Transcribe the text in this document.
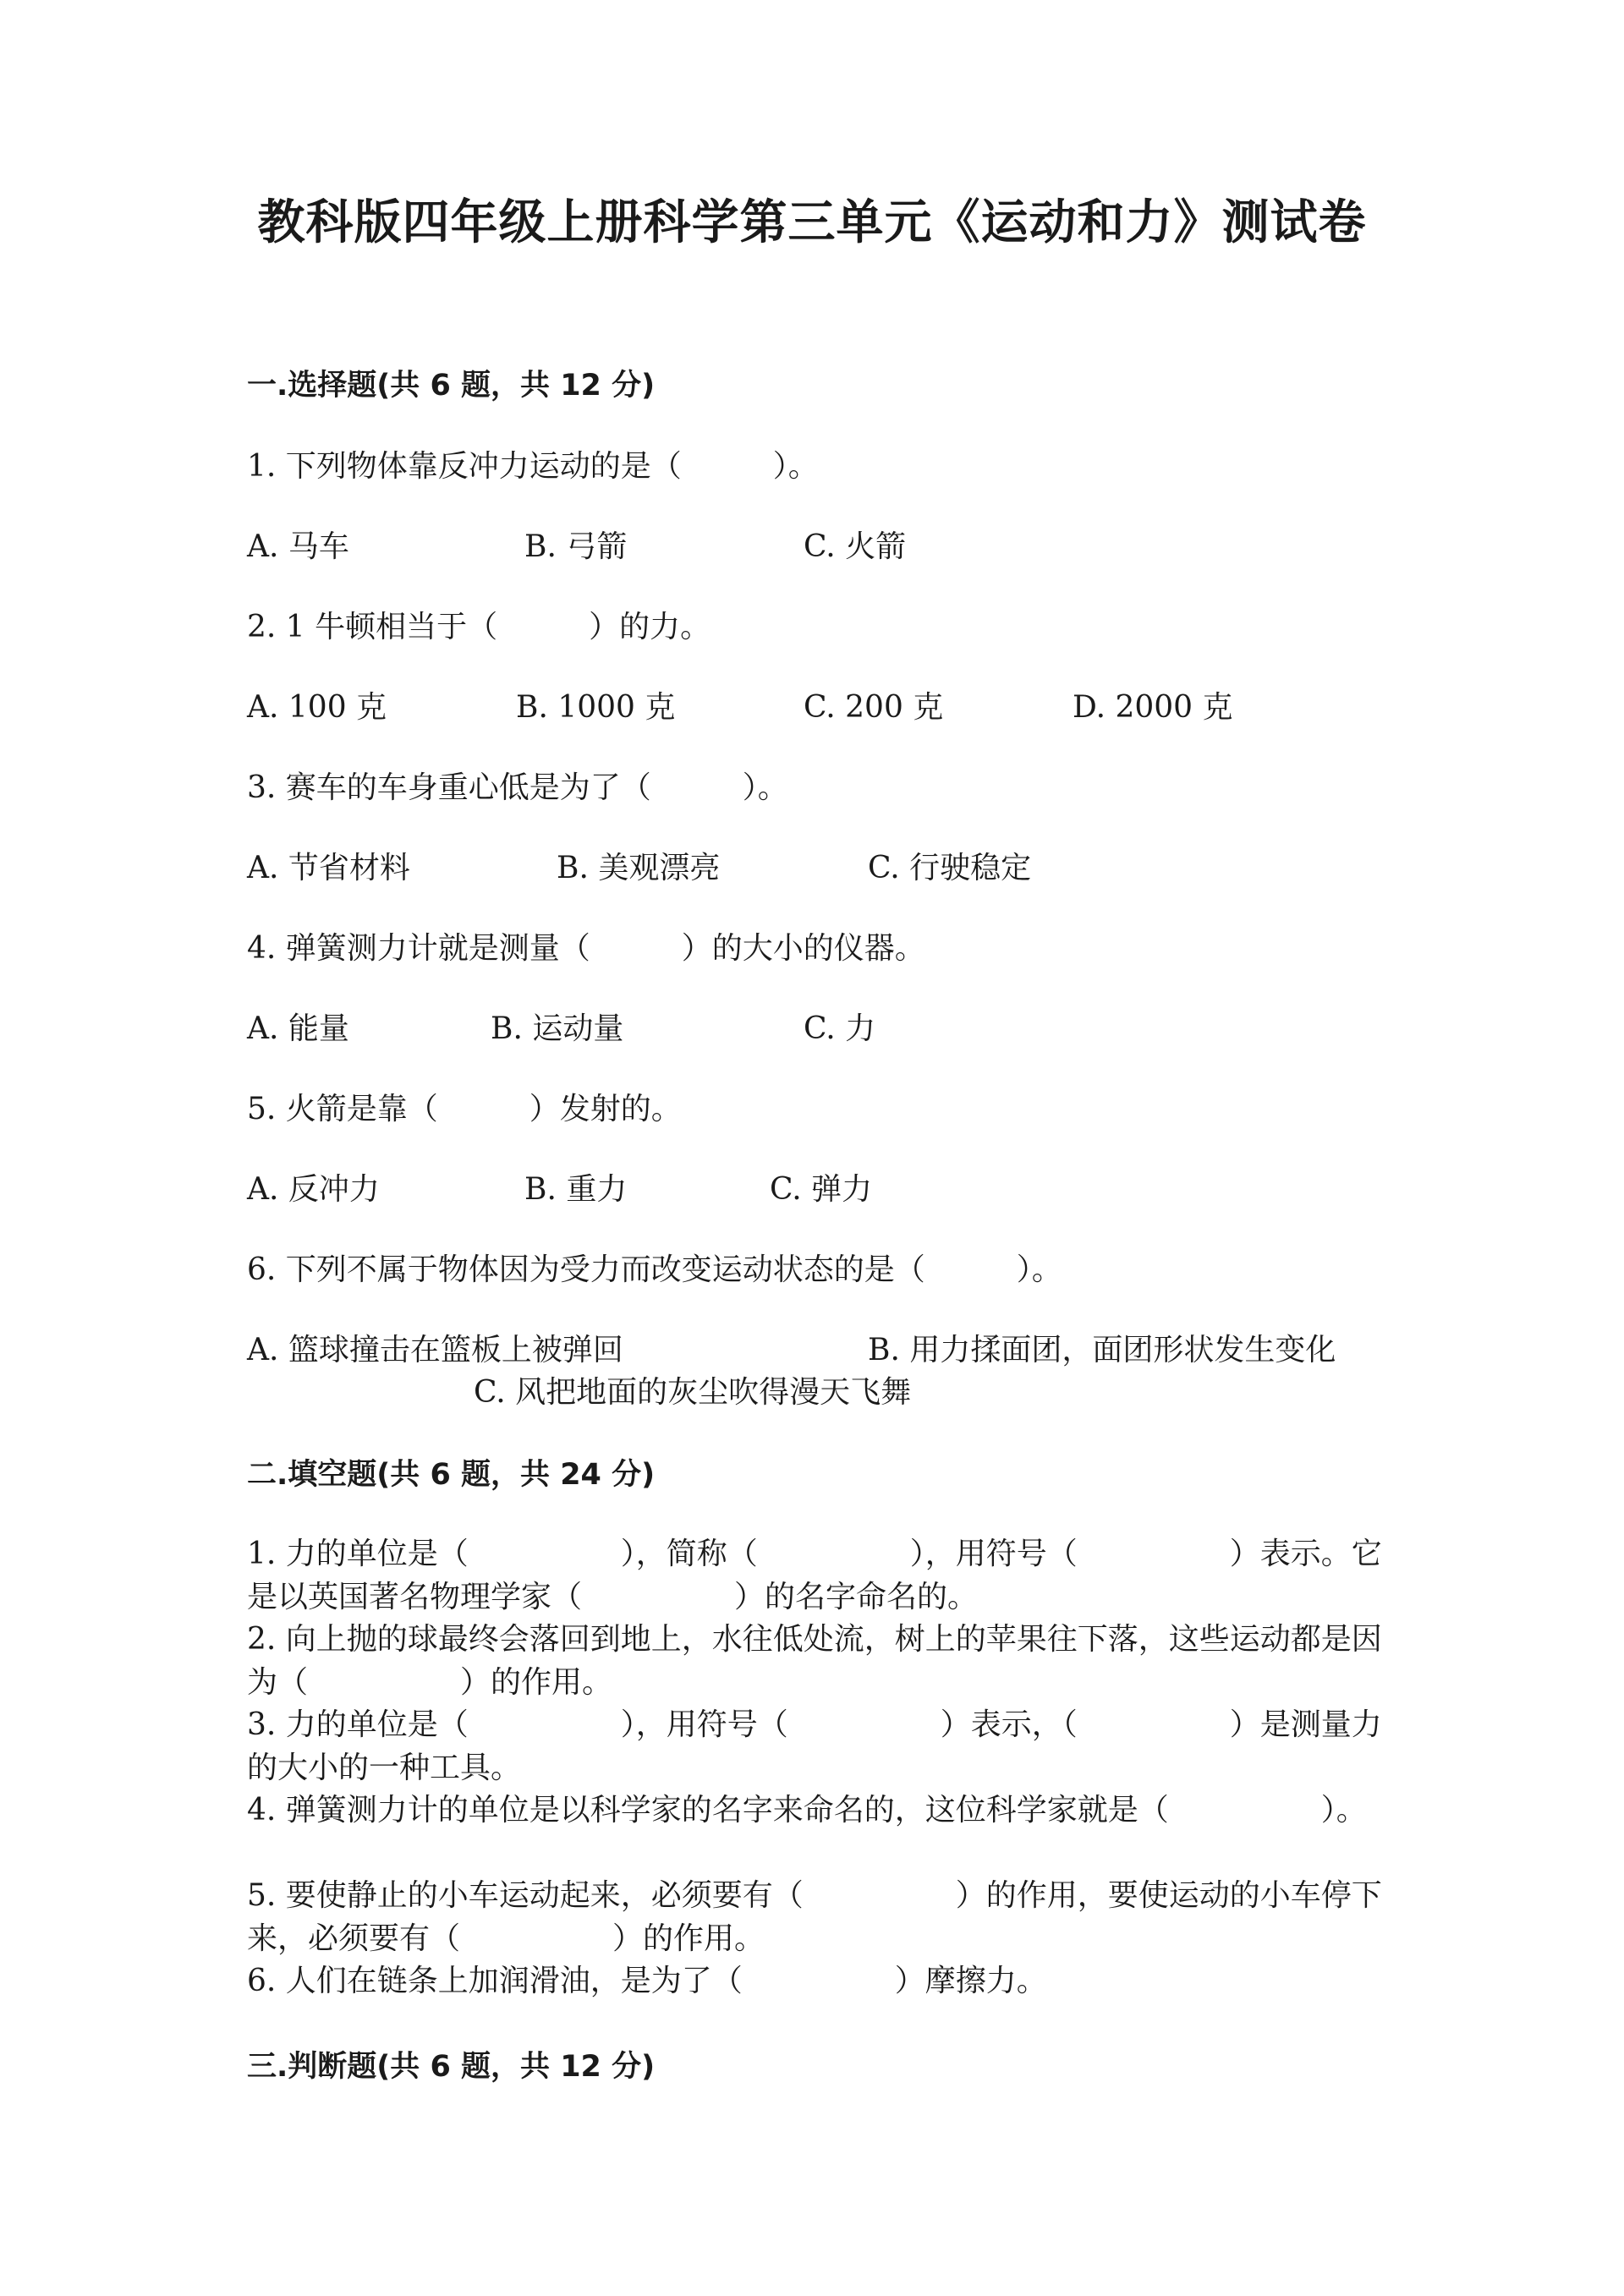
教科版四年级上册科学第三单元《运动和力》测试卷
一.选择题(共 6 题，共 12 分)
1. 下列物体靠反冲力运动的是（　　　）。
A. 马车	B. 弓箭	C. 火箭
2. 1 牛顿相当于（　　　）的力。
A. 100 克	B. 1000 克	C. 200 克	D. 2000 克
3. 赛车的车身重心低是为了（　　　）。
A. 节省材料	B. 美观漂亮	C. 行驶稳定
4. 弹簧测力计就是测量（　　　）的大小的仪器。
A. 能量	B. 运动量	C. 力
5. 火箭是靠（　　　）发射的。
A. 反冲力	B. 重力	C. 弹力
6. 下列不属于物体因为受力而改变运动状态的是（　　　）。
A. 篮球撞击在篮板上被弹回	B. 用力揉面团，面团形状发生变化
C. 风把地面的灰尘吹得漫天飞舞
二.填空题(共 6 题，共 24 分)
1. 力的单位是（　　　　　），简称（　　　　　），用符号（　　　　　）表示。它是以英国著名物理学家（　　　　　）的名字命名的。
2. 向上抛的球最终会落回到地上，水往低处流，树上的苹果往下落，这些运动都是因为（　　　　　）的作用。
3. 力的单位是（　　　　　），用符号（　　　　　）表示，（　　　　　）是测量力的大小的一种工具。
4. 弹簧测力计的单位是以科学家的名字来命名的，这位科学家就是（　　　　　）。
5. 要使静止的小车运动起来，必须要有（　　　　　）的作用，要使运动的小车停下来，必须要有（　　　　　）的作用。
6. 人们在链条上加润滑油，是为了（　　　　　）摩擦力。
三.判断题(共 6 题，共 12 分)
